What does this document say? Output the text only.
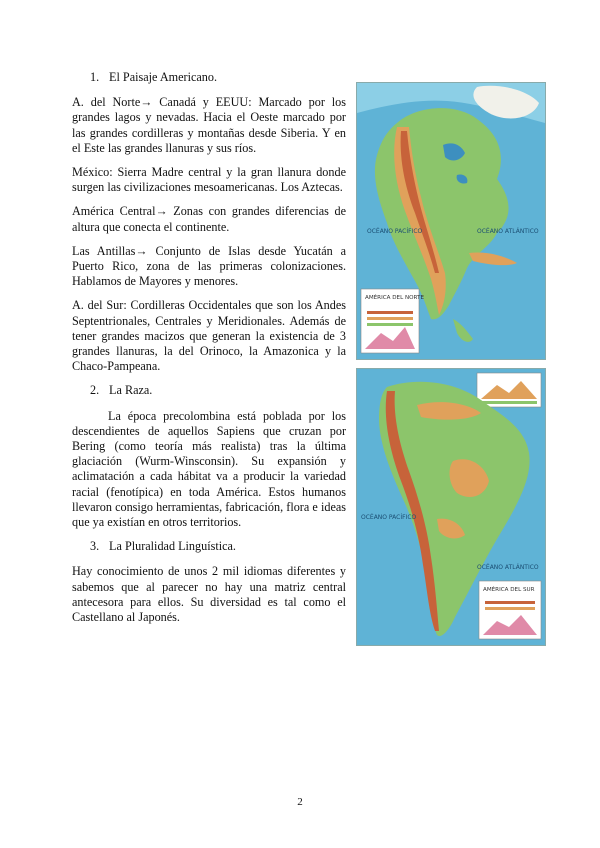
1. El Paisaje Americano.

A. del Norte→ Canadá y EEUU: Marcado por los grandes lagos y nevadas. Hacia el Oeste marcado por las grandes cordilleras y montañas desde Siberia. Y en el Este las grandes llanuras y sus ríos.

México: Sierra Madre central y la gran llanura donde surgen las civilizaciones mesoamericanas. Los Aztecas.

América Central→ Zonas con grandes diferencias de altura que conecta el continente.

Las Antillas→ Conjunto de Islas desde Yucatán a Puerto Rico, zona de las primeras colonizaciones. Hablamos de Mayores y menores.

A. del Sur: Cordilleras Occidentales que son los Andes Septentrionales, Centrales y Meridionales. Además de tener grandes macizos que generan la existencia de 3 grandes llanuras, la del Orinoco, la Amazonica y la Chaco-Pampeana.

2. La Raza.

La época precolombina está poblada por los descendientes de aquellos Sapiens que cruzan por Bering (como teoría más realista) tras la última glaciación (Wurm-Winsconsin). Su expansión y aclimatación a cada hábitat va a producir la variedad racial (fenotípica) en toda América. Estos humanos llevaron consigo herramientas, fabricación, flora e ideas que ya existían en otros territorios.

3. La Pluralidad Linguística.

Hay conocimiento de unos 2 mil idiomas diferentes y sabemos que al parecer no hay una matriz central antecesora para ellos. Su diversidad es tal como el Castellano al Japonés.

OCÉANO PACÍFICO	OCÉANO ATLÁNTICO
AMÉRICA DEL NORTE
OCÉANO PACÍFICO
OCÉANO ATLÁNTICO
AMÉRICA DEL SUR
2
